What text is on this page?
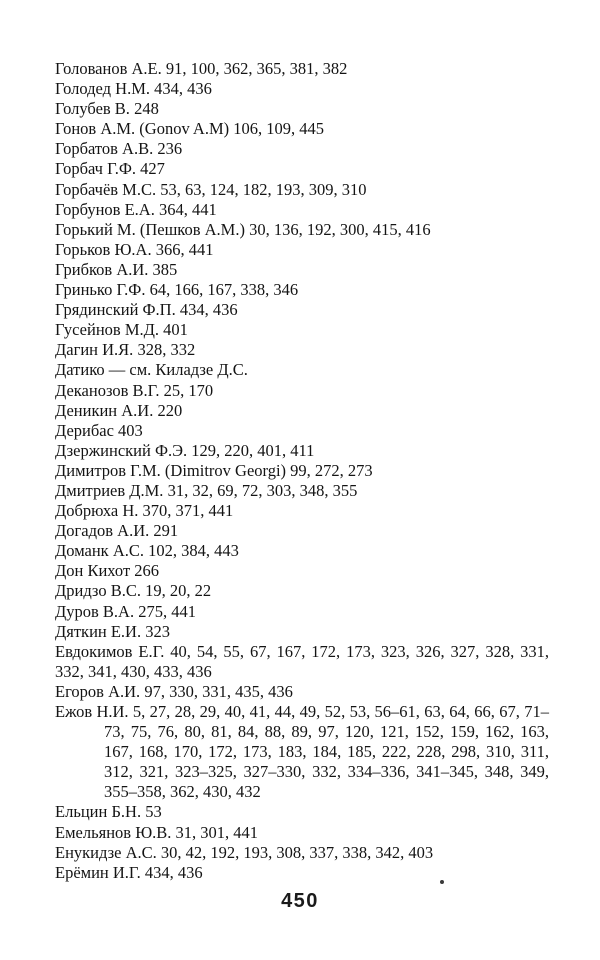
Голованов А.Е. 91, 100, 362, 365, 381, 382

Голодед Н.М. 434, 436

Голубев В. 248

Гонов А.М. (Gonov A.M) 106, 109, 445

Горбатов А.В. 236

Горбач Г.Ф. 427

Горбачёв М.С. 53, 63, 124, 182, 193, 309, 310

Горбунов Е.А. 364, 441

Горький М. (Пешков А.М.) 30, 136, 192, 300, 415, 416

Горьков Ю.А. 366, 441

Грибков А.И. 385

Гринько Г.Ф. 64, 166, 167, 338, 346

Грядинский Ф.П. 434, 436

Гусейнов М.Д. 401

Дагин И.Я. 328, 332

Датико — см. Киладзе Д.С.

Деканозов В.Г. 25, 170

Деникин А.И. 220

Дерибас 403

Дзержинский Ф.Э. 129, 220, 401, 411

Димитров Г.М. (Dimitrov Georgi) 99, 272, 273

Дмитриев Д.М. 31, 32, 69, 72, 303, 348, 355

Добрюха Н. 370, 371, 441

Догадов А.И. 291

Доманк А.С. 102, 384, 443

Дон Кихот 266

Дридзо В.С. 19, 20, 22

Дуров В.А. 275, 441

Дяткин Е.И. 323

Евдокимов Е.Г. 40, 54, 55, 67, 167, 172, 173, 323, 326, 327, 328, 331, 332, 341, 430, 433, 436

Егоров А.И. 97, 330, 331, 435, 436

Ежов Н.И. 5, 27, 28, 29, 40, 41, 44, 49, 52, 53, 56–61, 63, 64, 66, 67, 71–73, 75, 76, 80, 81, 84, 88, 89, 97, 120, 121, 152, 159, 162, 163, 167, 168, 170, 172, 173, 183, 184, 185, 222, 228, 298, 310, 311, 312, 321, 323–325, 327–330, 332, 334–336, 341–345, 348, 349, 355–358, 362, 430, 432

Ельцин Б.Н. 53

Емельянов Ю.В. 31, 301, 441

Енукидзе А.С. 30, 42, 192, 193, 308, 337, 338, 342, 403

Ерёмин И.Г. 434, 436

450
